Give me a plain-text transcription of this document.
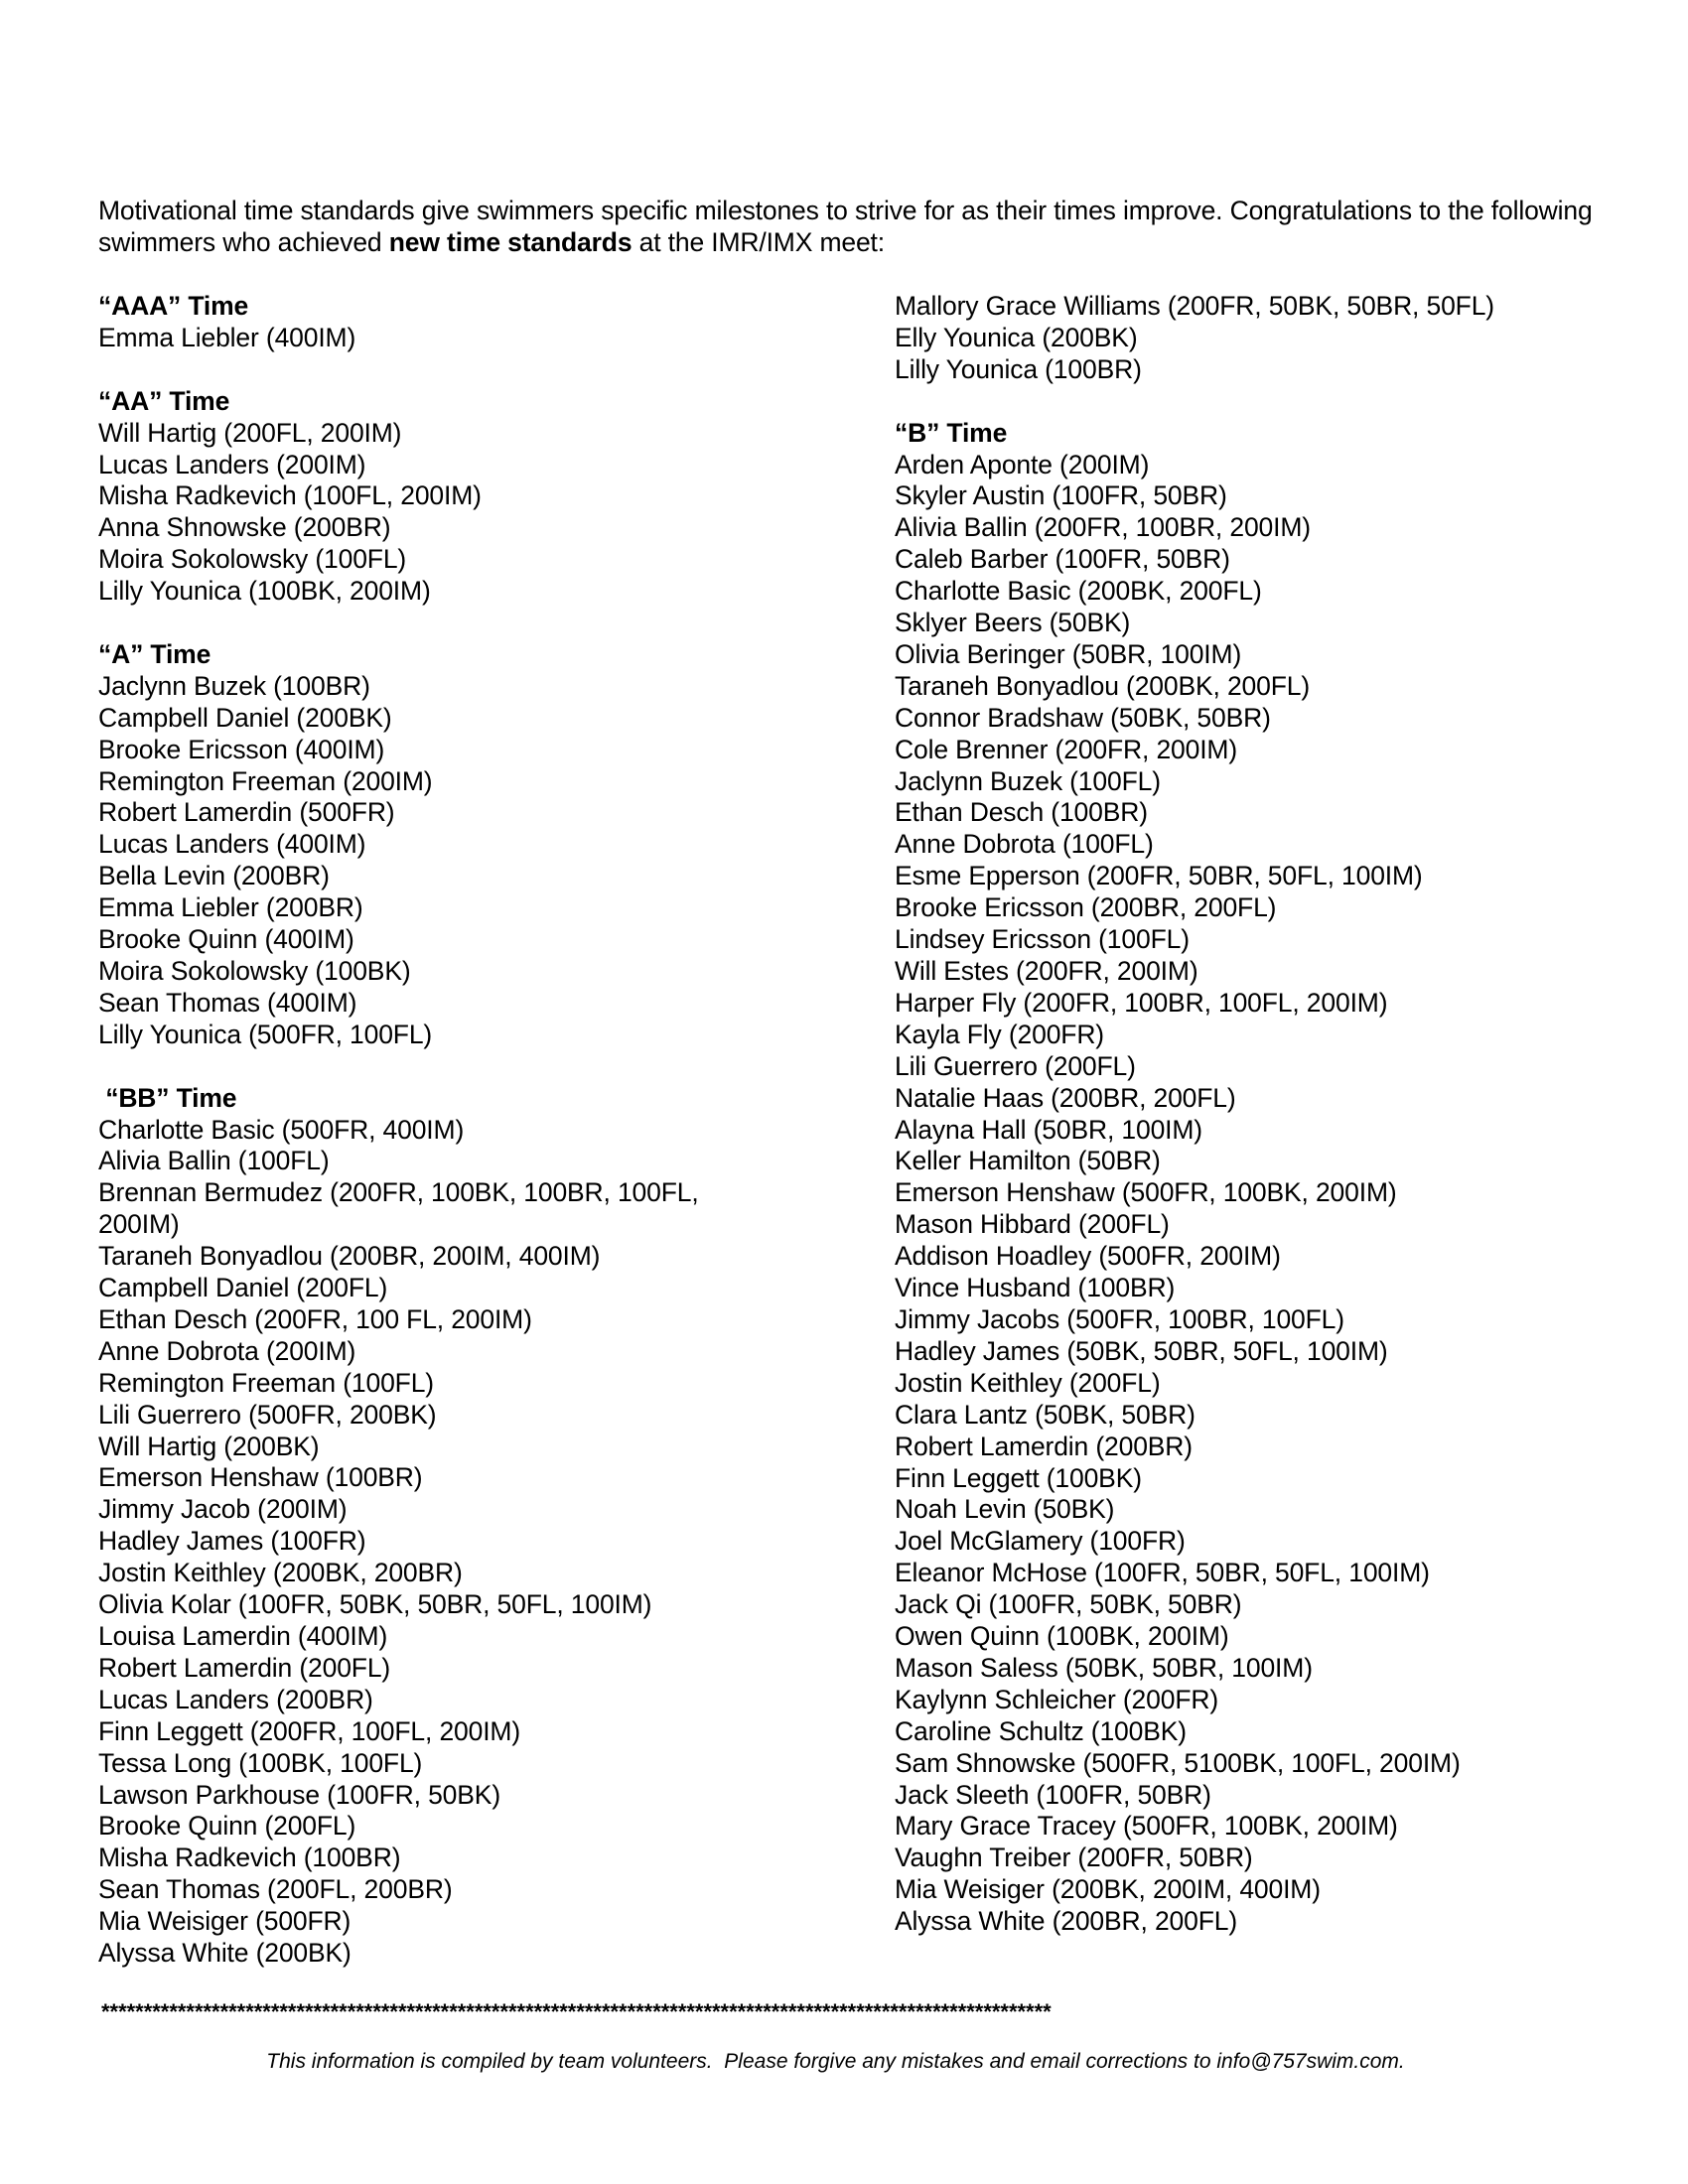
Motivational time standards give swimmers specific milestones to strive for as their times improve. Congratulations to the following swimmers who achieved new time standards at the IMR/IMX meet:

“AAA” Time

Emma Liebler (400IM)

“AA” Time

Will Hartig (200FL, 200IM)
Lucas Landers (200IM)
Misha Radkevich (100FL, 200IM)
Anna Shnowske (200BR)
Moira Sokolowsky (100FL)
Lilly Younica (100BK, 200IM)

“A” Time

Jaclynn Buzek (100BR)
Campbell Daniel (200BK)
Brooke Ericsson (400IM)
Remington Freeman (200IM)
Robert Lamerdin (500FR)
Lucas Landers (400IM)
Bella Levin (200BR)
Emma Liebler (200BR)
Brooke Quinn (400IM)
Moira Sokolowsky (100BK)
Sean Thomas (400IM)
Lilly Younica (500FR, 100FL)

“BB” Time

Charlotte Basic (500FR, 400IM)
Alivia Ballin (100FL)
Brennan Bermudez (200FR, 100BK, 100BR, 100FL, 200IM)
Taraneh Bonyadlou (200BR, 200IM, 400IM)
Campbell Daniel (200FL)
Ethan Desch (200FR, 100 FL, 200IM)
Anne Dobrota (200IM)
Remington Freeman (100FL)
Lili Guerrero (500FR, 200BK)
Will Hartig (200BK)
Emerson Henshaw (100BR)
Jimmy Jacob (200IM)
Hadley James (100FR)
Jostin Keithley (200BK, 200BR)
Olivia Kolar (100FR, 50BK, 50BR, 50FL, 100IM)
Louisa Lamerdin (400IM)
Robert Lamerdin (200FL)
Lucas Landers (200BR)
Finn Leggett (200FR, 100FL, 200IM)
Tessa Long (100BK, 100FL)
Lawson Parkhouse (100FR, 50BK)
Brooke Quinn (200FL)
Misha Radkevich (100BR)
Sean Thomas (200FL, 200BR)
Mia Weisiger (500FR)
Alyssa White (200BK)
Mallory Grace Williams (200FR, 50BK, 50BR, 50FL)
Elly Younica (200BK)
Lilly Younica (100BR)

“B” Time

Arden Aponte (200IM)
Skyler Austin (100FR, 50BR)
Alivia Ballin (200FR, 100BR, 200IM)
Caleb Barber (100FR, 50BR)
Charlotte Basic (200BK, 200FL)
Sklyer Beers (50BK)
Olivia Beringer (50BR, 100IM)
Taraneh Bonyadlou (200BK, 200FL)
Connor Bradshaw (50BK, 50BR)
Cole Brenner (200FR, 200IM)
Jaclynn Buzek (100FL)
Ethan Desch (100BR)
Anne Dobrota (100FL)
Esme Epperson (200FR, 50BR, 50FL, 100IM)
Brooke Ericsson (200BR, 200FL)
Lindsey Ericsson (100FL)
Will Estes (200FR, 200IM)
Harper Fly (200FR, 100BR, 100FL, 200IM)
Kayla Fly (200FR)
Lili Guerrero (200FL)
Natalie Haas (200BR, 200FL)
Alayna Hall (50BR, 100IM)
Keller Hamilton (50BR)
Emerson Henshaw (500FR, 100BK, 200IM)
Mason Hibbard (200FL)
Addison Hoadley (500FR, 200IM)
Vince Husband (100BR)
Jimmy Jacobs (500FR, 100BR, 100FL)
Hadley James (50BK, 50BR, 50FL, 100IM)
Jostin Keithley (200FL)
Clara Lantz (50BK, 50BR)
Robert Lamerdin (200BR)
Finn Leggett (100BK)
Noah Levin (50BK)
Joel McGlamery (100FR)
Eleanor McHose (100FR, 50BR, 50FL, 100IM)
Jack Qi (100FR, 50BK, 50BR)
Owen Quinn (100BK, 200IM)
Mason Saless (50BK, 50BR, 100IM)
Kaylynn Schleicher (200FR)
Caroline Schultz (100BK)
Sam Shnowske (500FR, 5100BK, 100FL, 200IM)
Jack Sleeth (100FR, 50BR)
Mary Grace Tracey (500FR, 100BK, 200IM)
Vaughn Treiber (200FR, 50BR)
Mia Weisiger (200BK, 200IM, 400IM)
Alyssa White (200BR, 200FL)
****************************************************************************************************************
This information is compiled by team volunteers.  Please forgive any mistakes and email corrections to info@757swim.com.
